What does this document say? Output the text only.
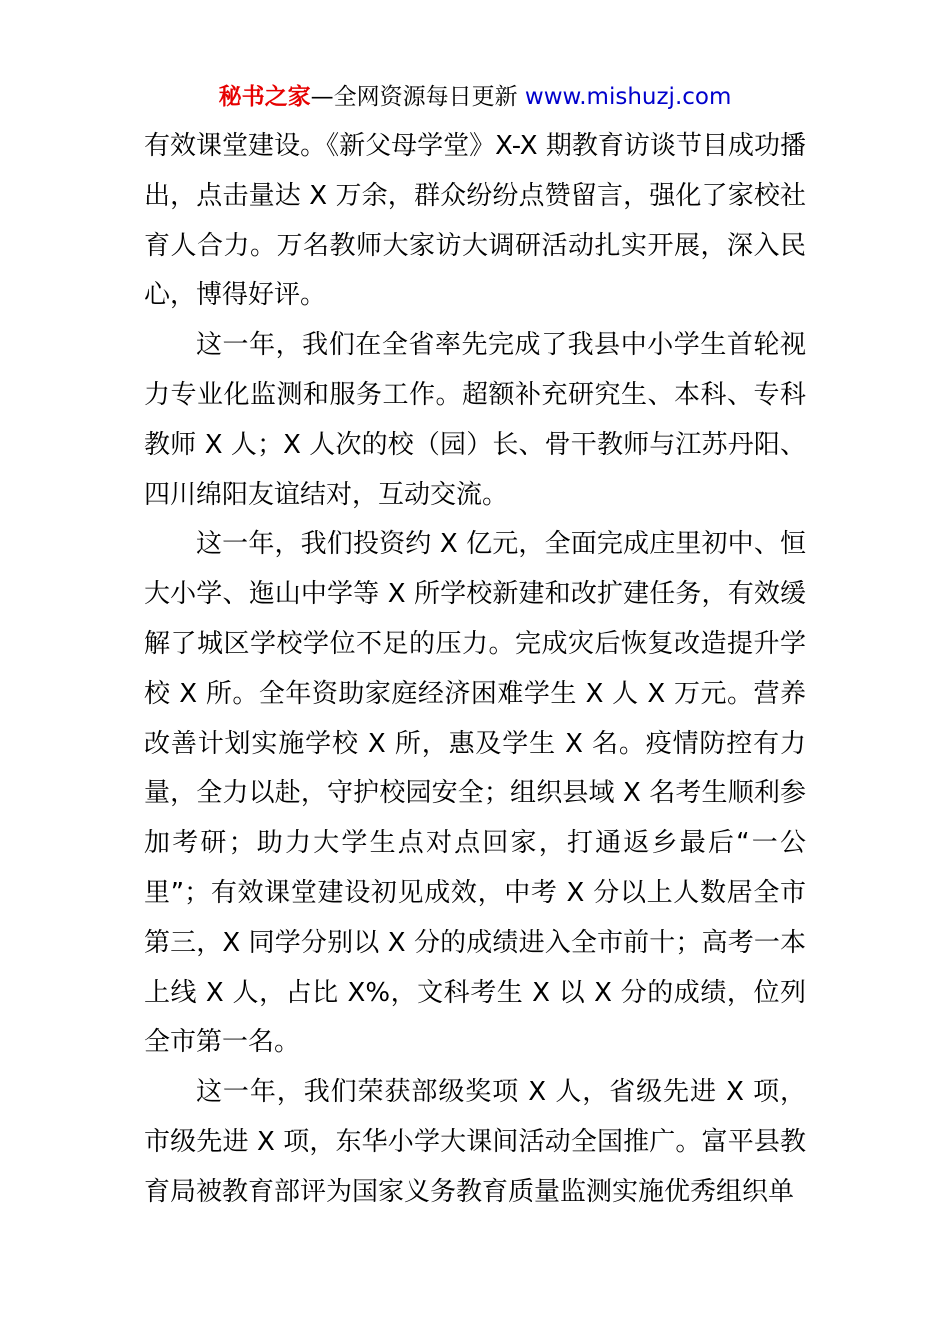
秘书之家—全网资源每日更新 www.mishuzj.com

有效课堂建设。《新父母学堂》X-X 期教育访谈节目成功播出，点击量达 X 万余，群众纷纷点赞留言，强化了家校社育人合力。万名教师大家访大调研活动扎实开展，深入民心，博得好评。

这一年，我们在全省率先完成了我县中小学生首轮视力专业化监测和服务工作。超额补充研究生、本科、专科教师 X 人；X 人次的校（园）长、骨干教师与江苏丹阳、四川绵阳友谊结对，互动交流。

这一年，我们投资约 X 亿元，全面完成庄里初中、恒大小学、迤山中学等 X 所学校新建和改扩建任务，有效缓解了城区学校学位不足的压力。完成灾后恢复改造提升学校 X 所。全年资助家庭经济困难学生 X 人 X 万元。营养改善计划实施学校 X 所，惠及学生 X 名。疫情防控有力量，全力以赴，守护校园安全；组织县域 X 名考生顺利参加考研；助力大学生点对点回家，打通返乡最后“一公里”；有效课堂建设初见成效，中考 X 分以上人数居全市第三，X 同学分别以 X 分的成绩进入全市前十；高考一本上线 X 人，占比 X%，文科考生 X 以 X 分的成绩，位列全市第一名。

这一年，我们荣获部级奖项 X 人，省级先进 X 项，市级先进 X 项，东华小学大课间活动全国推广。富平县教育局被教育部评为国家义务教育质量监测实施优秀组织单
